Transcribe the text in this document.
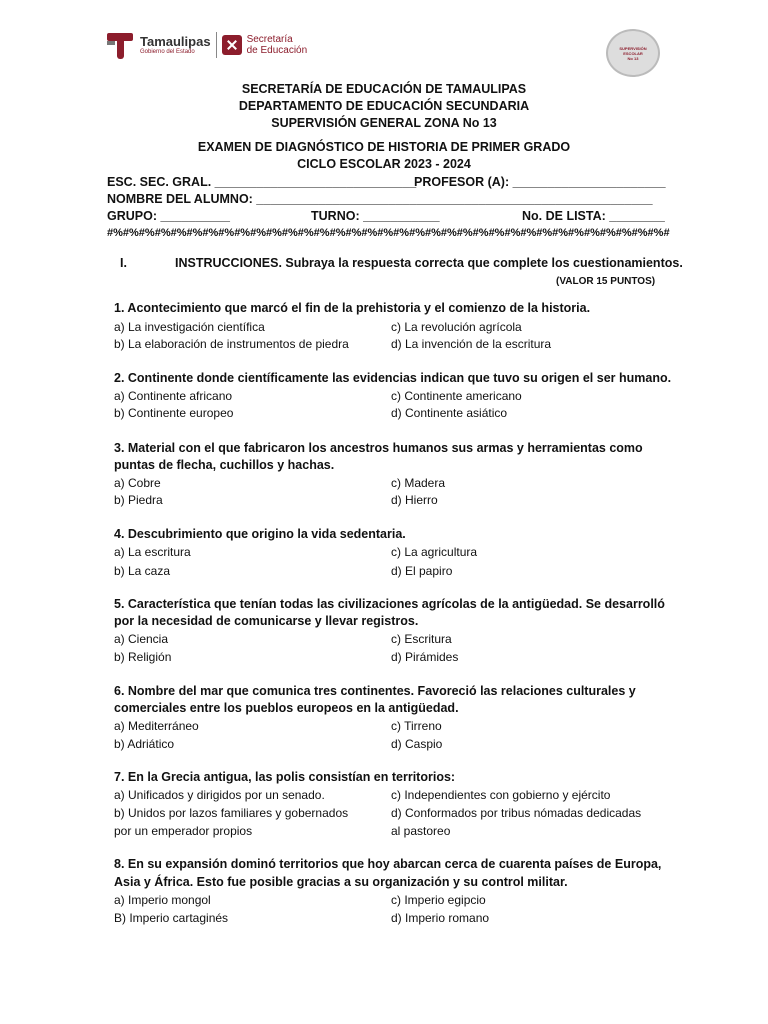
Tamaulipas
Gobierno del Estado
Secretaría
de Educación	SUPERVISIÓN
ESCOLAR
No 13
SECRETARÍA DE EDUCACIÓN DE TAMAULIPAS
DEPARTAMENTO DE EDUCACIÓN SECUNDARIA
SUPERVISIÓN GENERAL ZONA No 13
EXAMEN DE DIAGNÓSTICO DE HISTORIA DE PRIMER GRADO
CICLO ESCOLAR 2023 - 2024
ESC. SEC. GRAL. _____________________________
PROFESOR (A): ______________________
NOMBRE DEL ALUMNO: _________________________________________________________
GRUPO: __________	TURNO: ___________	No. DE LISTA: ________
#%#%#%#%#%#%#%#%#%#%#%#%#%#%#%#%#%#%#%#%#%#%#%#%#%#%#%#%#%#%#%#%#%#%#%#
I.	INSTRUCCIONES. Subraya la respuesta correcta que complete los cuestionamientos.
(VALOR 15 PUNTOS)
1. Acontecimiento que marcó el fin de la prehistoria y el comienzo de la historia.
a) La investigación científica	c) La revolución agrícola
b) La elaboración de instrumentos de piedra	d) La invención de la escritura
2. Continente donde científicamente las evidencias indican que tuvo su origen el ser humano.
a) Continente africano	c) Continente americano
b) Continente europeo	d) Continente asiático
3. Material con el que fabricaron los ancestros humanos sus armas y herramientas como
puntas de flecha, cuchillos y hachas.
a) Cobre	c) Madera
b) Piedra	d) Hierro
4. Descubrimiento que origino la vida sedentaria.
a) La escritura	c) La agricultura
b) La caza	d) El papiro
5. Característica que tenían todas las civilizaciones agrícolas de la antigüedad. Se desarrolló
por la necesidad de comunicarse y llevar registros.
a) Ciencia	c) Escritura
b) Religión	d) Pirámides
6. Nombre del mar que comunica tres continentes. Favoreció las relaciones culturales y
comerciales entre los pueblos europeos en la antigüedad.
a) Mediterráneo	c) Tirreno
b) Adriático	d) Caspio
7. En la Grecia antigua, las polis consistían en territorios:
a) Unificados y dirigidos por un senado.	c) Independientes con gobierno y ejército
b) Unidos por lazos familiares y gobernados	d) Conformados por tribus nómadas dedicadas
por un emperador propios	al pastoreo
8. En su expansión dominó territorios que hoy abarcan cerca de cuarenta países de Europa,
Asia y África. Esto fue posible gracias a su organización y su control militar.
a) Imperio mongol	c) Imperio egipcio
B) Imperio cartaginés	d) Imperio romano
